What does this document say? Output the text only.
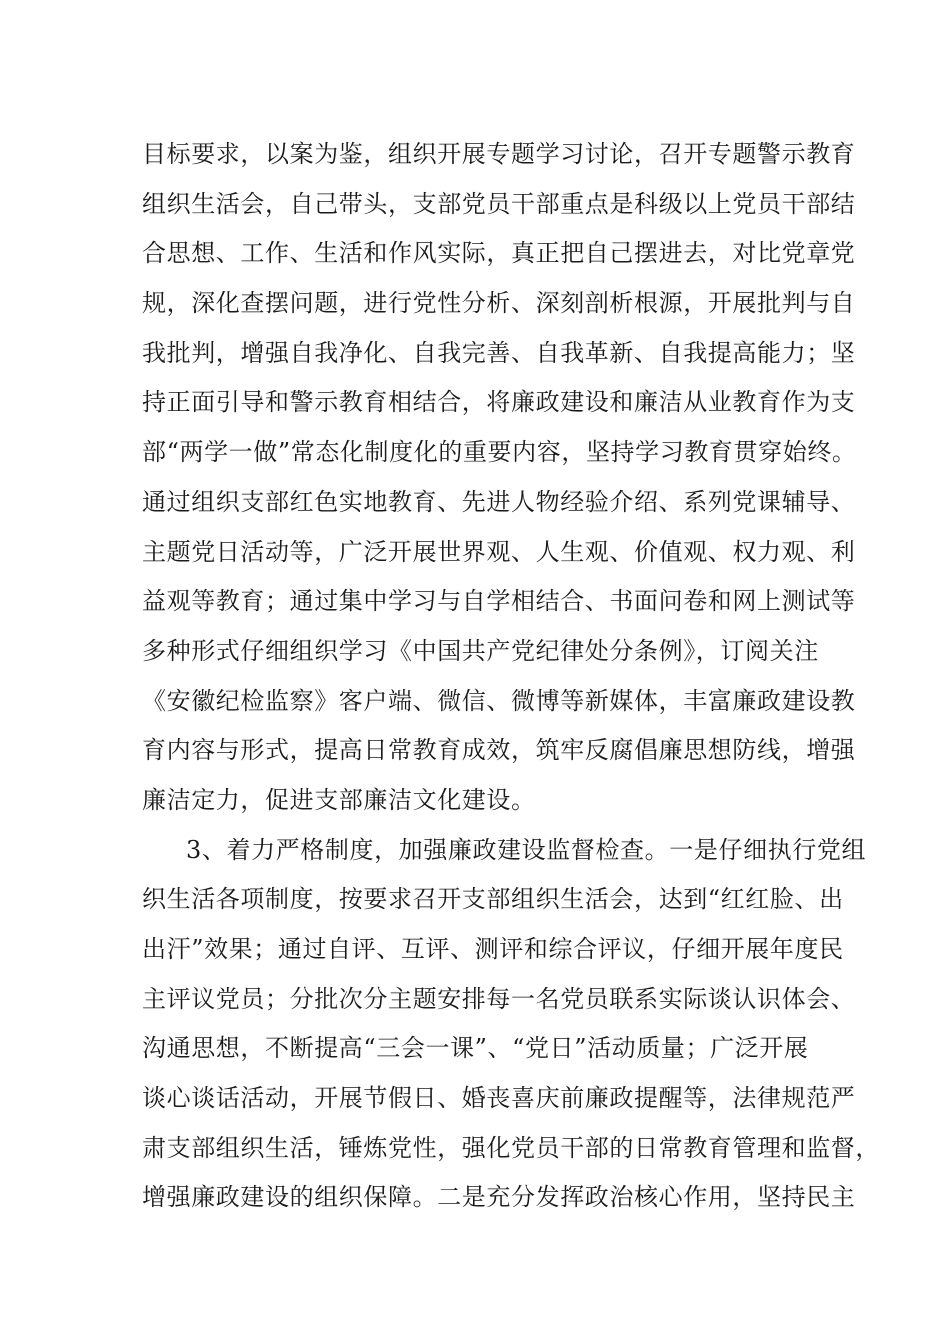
目标要求，以案为鉴，组织开展专题学习讨论，召开专题警示教育
组织生活会，自己带头，支部党员干部重点是科级以上党员干部结
合思想、工作、生活和作风实际，真正把自己摆进去，对比党章党
规，深化查摆问题，进行党性分析、深刻剖析根源，开展批判与自
我批判，增强自我净化、自我完善、自我革新、自我提高能力；坚
持正面引导和警示教育相结合，将廉政建设和廉洁从业教育作为支
部“两学一做”常态化制度化的重要内容，坚持学习教育贯穿始终。
通过组织支部红色实地教育、先进人物经验介绍、系列党课辅导、
主题党日活动等，广泛开展世界观、人生观、价值观、权力观、利
益观等教育；通过集中学习与自学相结合、书面问卷和网上测试等
多种形式仔细组织学习《中国共产党纪律处分条例》，订阅关注
《安徽纪检监察》客户端、微信、微博等新媒体，丰富廉政建设教
育内容与形式，提高日常教育成效，筑牢反腐倡廉思想防线，增强
廉洁定力，促进支部廉洁文化建设。
3、着力严格制度，加强廉政建设监督检查。一是仔细执行党组
织生活各项制度，按要求召开支部组织生活会，达到“红红脸、出
出汗”效果；通过自评、互评、测评和综合评议，仔细开展年度民
主评议党员；分批次分主题安排每一名党员联系实际谈认识体会、
沟通思想，不断提高“三会一课”、“党日”活动质量；广泛开展
谈心谈话活动，开展节假日、婚丧喜庆前廉政提醒等，法律规范严
肃支部组织生活，锤炼党性，强化党员干部的日常教育管理和监督，
增强廉政建设的组织保障。二是充分发挥政治核心作用，坚持民主
